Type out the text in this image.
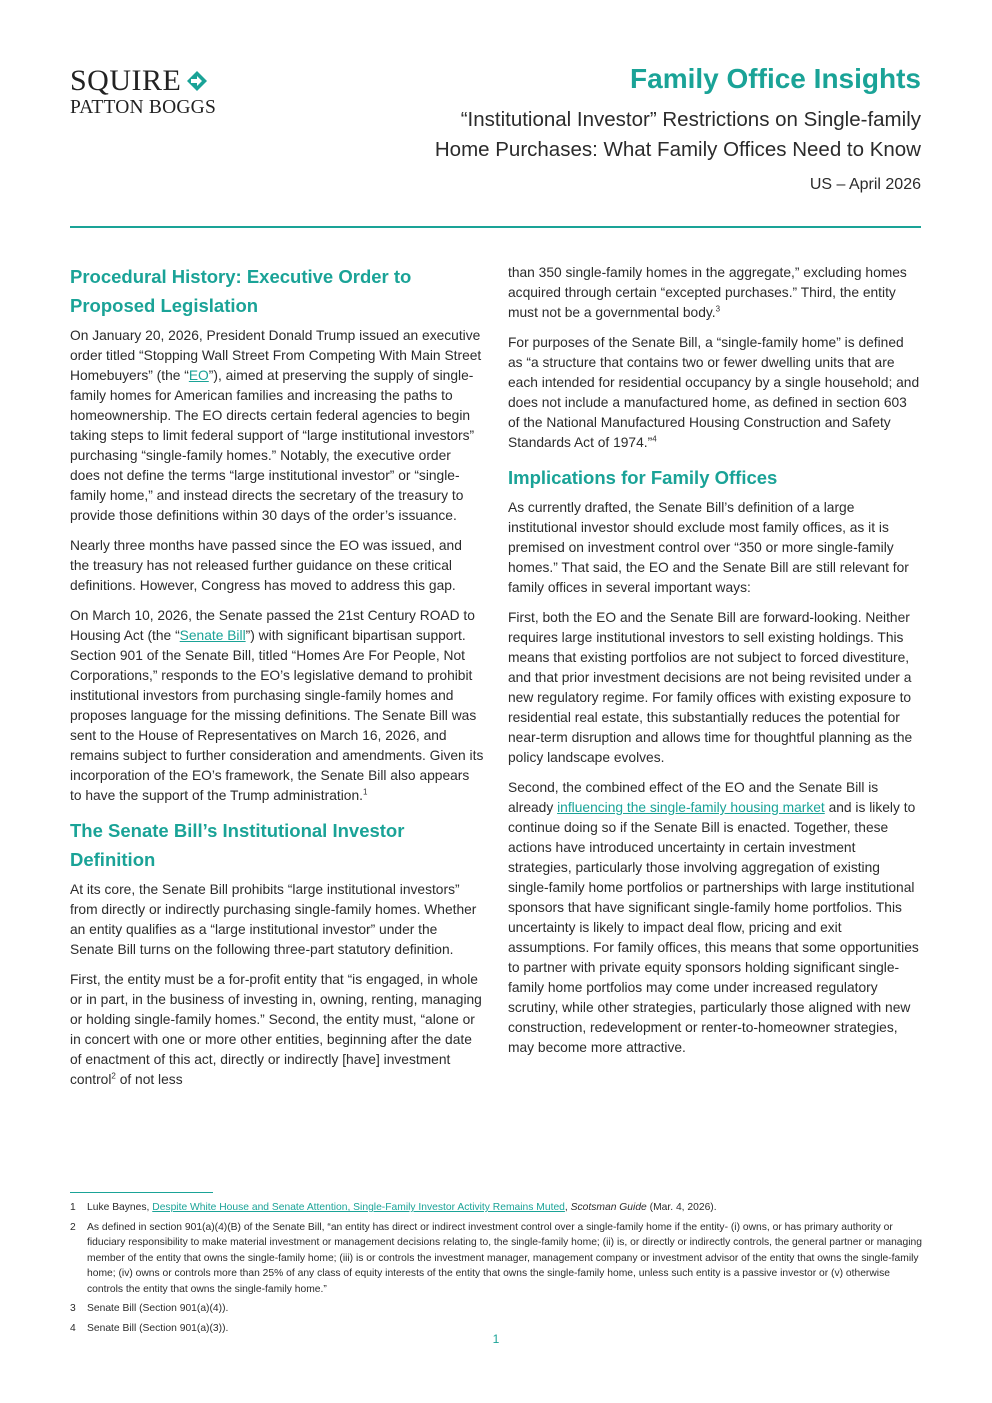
SQUIRE
PATTON BOGGS
Family Office Insights
“Institutional Investor” Restrictions on Single-family
Home Purchases: What Family Offices Need to Know
US – April 2026
Procedural History: Executive Order to Proposed Legislation

On January 20, 2026, President Donald Trump issued an executive order titled “Stopping Wall Street From Competing With Main Street Homebuyers” (the “EO”), aimed at preserving the supply of single-family homes for American families and increasing the paths to homeownership. The EO directs certain federal agencies to begin taking steps to limit federal support of “large institutional investors” purchasing “single-family homes.” Notably, the executive order does not define the terms “large institutional investor” or “single-family home,” and instead directs the secretary of the treasury to provide those definitions within 30 days of the order’s issuance.

Nearly three months have passed since the EO was issued, and the treasury has not released further guidance on these critical definitions. However, Congress has moved to address this gap.

On March 10, 2026, the Senate passed the 21st Century ROAD to Housing Act (the “Senate Bill”) with significant bipartisan support. Section 901 of the Senate Bill, titled “Homes Are For People, Not Corporations,” responds to the EO’s legislative demand to prohibit institutional investors from purchasing single-family homes and proposes language for the missing definitions. The Senate Bill was sent to the House of Representatives on March 16, 2026, and remains subject to further consideration and amendments. Given its incorporation of the EO’s framework, the Senate Bill also appears to have the support of the Trump administration.$^1$

The Senate Bill’s Institutional Investor Definition

At its core, the Senate Bill prohibits “large institutional investors” from directly or indirectly purchasing single-family homes. Whether an entity qualifies as a “large institutional investor” under the Senate Bill turns on the following three-part statutory definition.

First, the entity must be a for-profit entity that “is engaged, in whole or in part, in the business of investing in, owning, renting, managing or holding single-family homes.” Second, the entity must, “alone or in concert with one or more other entities, beginning after the date of enactment of this act, directly or indirectly [have] investment control$^2$ of not less

than 350 single-family homes in the aggregate,” excluding homes acquired through certain “excepted purchases.” Third, the entity must not be a governmental body.$^3$

For purposes of the Senate Bill, a “single-family home” is defined as “a structure that contains two or fewer dwelling units that are each intended for residential occupancy by a single household; and does not include a manufactured home, as defined in section 603 of the National Manufactured Housing Construction and Safety Standards Act of 1974.”$^4$

Implications for Family Offices

As currently drafted, the Senate Bill’s definition of a large institutional investor should exclude most family offices, as it is premised on investment control over “350 or more single-family homes.” That said, the EO and the Senate Bill are still relevant for family offices in several important ways:

First, both the EO and the Senate Bill are forward-looking. Neither requires large institutional investors to sell existing holdings. This means that existing portfolios are not subject to forced divestiture, and that prior investment decisions are not being revisited under a new regulatory regime. For family offices with existing exposure to residential real estate, this substantially reduces the potential for near-term disruption and allows time for thoughtful planning as the policy landscape evolves.

Second, the combined effect of the EO and the Senate Bill is already influencing the single-family housing market and is likely to continue doing so if the Senate Bill is enacted. Together, these actions have introduced uncertainty in certain investment strategies, particularly those involving aggregation of existing single-family home portfolios or partnerships with large institutional sponsors that have significant single-family home portfolios. This uncertainty is likely to impact deal flow, pricing and exit assumptions. For family offices, this means that some opportunities to partner with private equity sponsors holding significant single-family home portfolios may come under increased regulatory scrutiny, while other strategies, particularly those aligned with new construction, redevelopment or renter-to-homeowner strategies, may become more attractive.

1 Luke Baynes, Despite White House and Senate Attention, Single-Family Investor Activity Remains Muted, Scotsman Guide (Mar. 4, 2026).
2 As defined in section 901(a)(4)(B) of the Senate Bill, “an entity has direct or indirect investment control over a single-family home if the entity- (i) owns, or has primary authority or fiduciary responsibility to make material investment or management decisions relating to, the single-family home; (ii) is, or directly or indirectly controls, the general partner or managing member of the entity that owns the single-family home; (iii) is or controls the investment manager, management company or investment advisor of the entity that owns the single-family home; (iv) owns or controls more than 25% of any class of equity interests of the entity that owns the single-family home, unless such entity is a passive investor or (v) otherwise controls the entity that owns the single-family home.”
3 Senate Bill (Section 901(a)(4)).
4 Senate Bill (Section 901(a)(3)).
1
